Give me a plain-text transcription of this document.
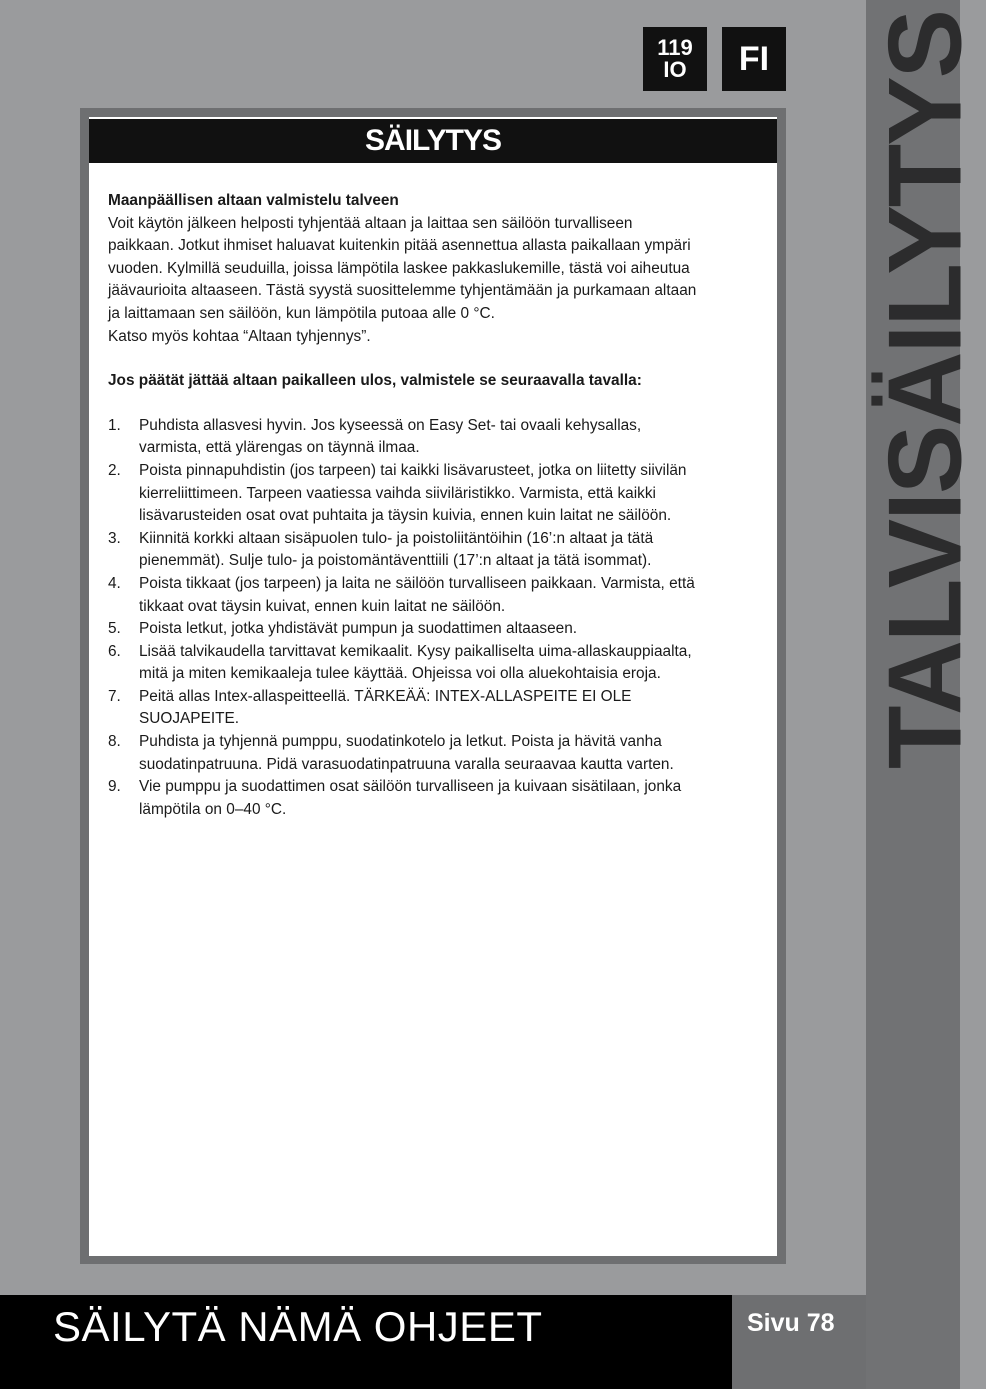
TALVISÄILYTYS
119
IO	FI
SÄILYTYS

Maanpäällisen altaan valmistelu talveen

Voit käytön jälkeen helposti tyhjentää altaan ja laittaa sen säilöön turvalliseen

paikkaan. Jotkut ihmiset haluavat kuitenkin pitää asennettua allasta paikallaan ympäri

vuoden. Kylmillä seuduilla, joissa lämpötila laskee pakkaslukemille, tästä voi aiheutua

jäävaurioita altaaseen. Tästä syystä suosittelemme tyhjentämään ja purkamaan altaan

ja laittamaan sen säilöön, kun lämpötila putoaa alle 0 °C.

Katso myös kohtaa “Altaan tyhjennys”.

Jos päätät jättää altaan paikalleen ulos, valmistele se seuraavalla tavalla:

1. Puhdista allasvesi hyvin. Jos kyseessä on Easy Set- tai ovaali kehysallas,
varmista, että ylärengas on täynnä ilmaa.
2. Poista pinnapuhdistin (jos tarpeen) tai kaikki lisävarusteet, jotka on liitetty siivilän
kierreliittimeen. Tarpeen vaatiessa vaihda siiviläristikko. Varmista, että kaikki
lisävarusteiden osat ovat puhtaita ja täysin kuivia, ennen kuin laitat ne säilöön.
3. Kiinnitä korkki altaan sisäpuolen tulo- ja poistoliitäntöihin (16’:n altaat ja tätä
pienemmät). Sulje tulo- ja poistomäntäventtiili (17’:n altaat ja tätä isommat).
4. Poista tikkaat (jos tarpeen) ja laita ne säilöön turvalliseen paikkaan. Varmista, että
tikkaat ovat täysin kuivat, ennen kuin laitat ne säilöön.
5. Poista letkut, jotka yhdistävät pumpun ja suodattimen altaaseen.
6. Lisää talvikaudella tarvittavat kemikaalit. Kysy paikalliselta uima-allaskauppiaalta,
mitä ja miten kemikaaleja tulee käyttää. Ohjeissa voi olla aluekohtaisia eroja.
7. Peitä allas Intex-allaspeitteellä. TÄRKEÄÄ: INTEX-ALLASPEITE EI OLE
SUOJAPEITE.
8. Puhdista ja tyhjennä pumppu, suodatinkotelo ja letkut. Poista ja hävitä vanha
suodatinpatruuna. Pidä varasuodatinpatruuna varalla seuraavaa kautta varten.
9. Vie pumppu ja suodattimen osat säilöön turvalliseen ja kuivaan sisätilaan, jonka
lämpötila on 0–40 °C.
SÄILYTÄ NÄMÄ OHJEET	Sivu 78
